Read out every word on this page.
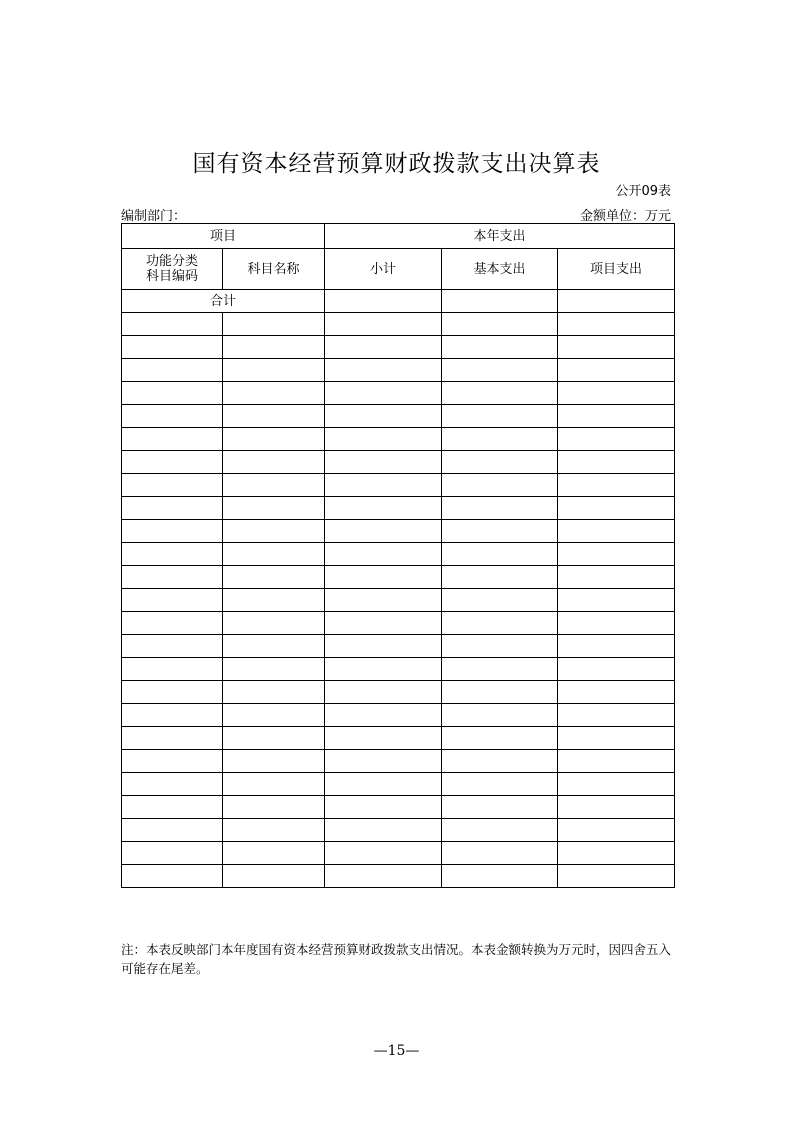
国有资本经营预算财政拨款支出决算表
公开09表
编制部门：	金额单位：万元
项目		本年支出		
功能分类
科目编码	科目名称	小计	基本支出	项目支出
合计				

注：本表反映部门本年度国有资本经营预算财政拨款支出情况。本表金额转换为万元时，因四舍五入可能存在尾差。
—15—
